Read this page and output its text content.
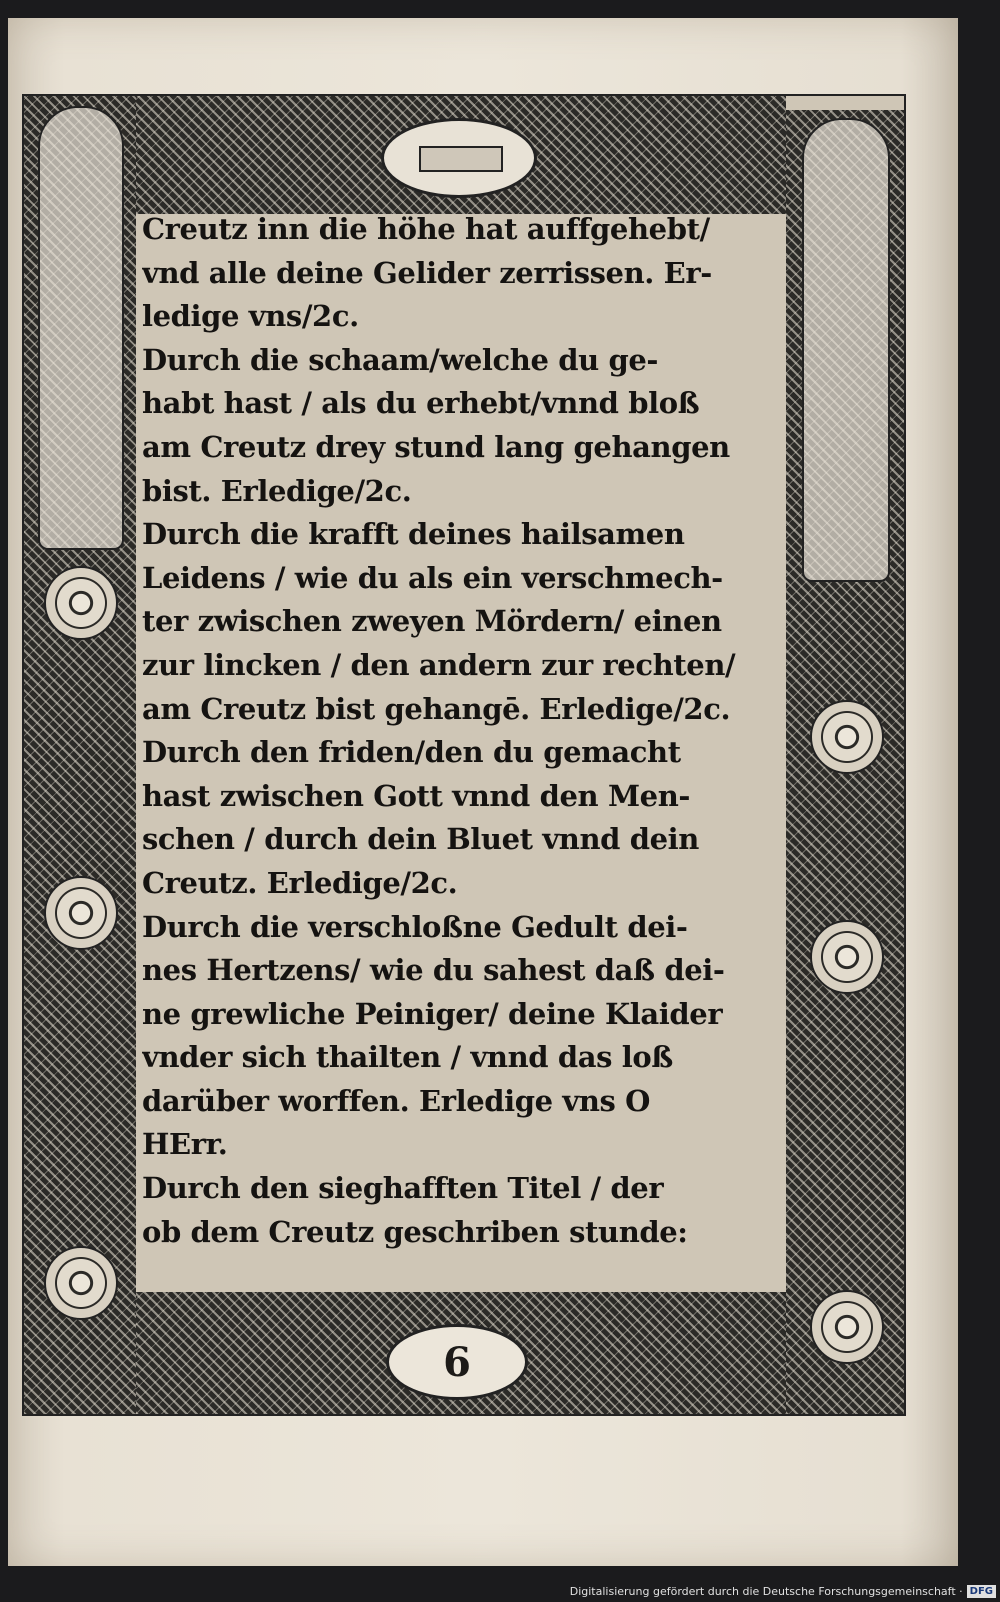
6
Creutz inn die höhe hat auffgehebt/
vnd alle deine Gelider zerrissen. Er-
ledige vns/2c.
Durch die schaam/welche du ge-
habt hast / als du erhebt/vnnd bloß
am Creutz drey stund lang gehangen
bist. Erledige/2c.
Durch die krafft deines hailsamen
Leidens / wie du als ein verschmech-
ter zwischen zweyen Mördern/ einen
zur lincken / den andern zur rechten/
am Creutz bist gehangē. Erledige/2c.
Durch den friden/den du gemacht
hast zwischen Gott vnnd den Men-
schen / durch dein Bluet vnnd dein
Creutz. Erledige/2c.
Durch die verschloßne Gedult dei-
nes Hertzens/ wie du sahest daß dei-
ne grewliche Peiniger/ deine Klaider
vnder sich thailten / vnnd das loß
darüber worffen. Erledige vns O
HErr.
Durch den sieghafften Titel / der
ob dem Creutz geschriben stunde:
Digitalisierung gefördert durch die Deutsche Forschungsgemeinschaft · DFG
